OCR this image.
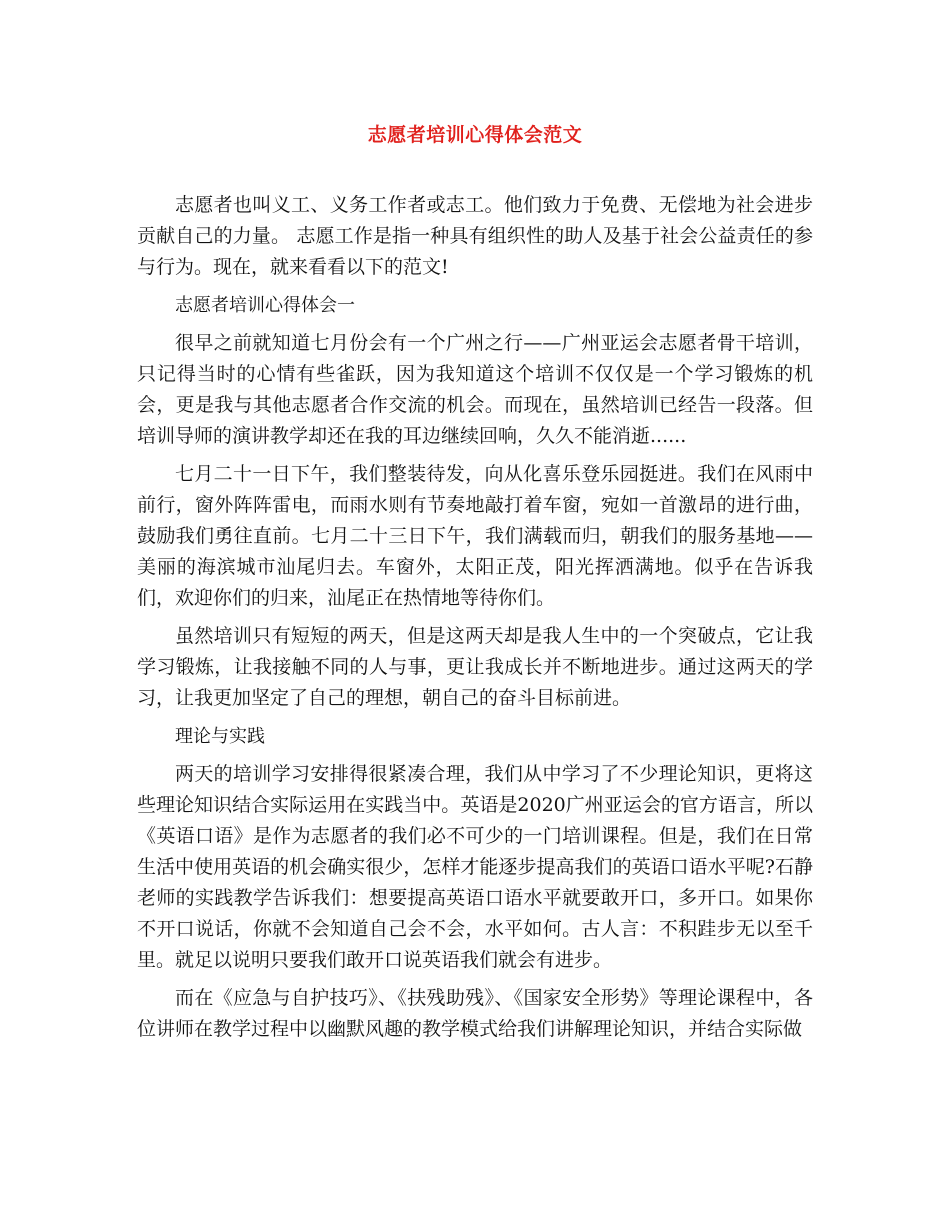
志愿者培训心得体会范文

志愿者也叫义工、义务工作者或志工。他们致力于免费、无偿地为社会进步贡献自己的力量。 志愿工作是指一种具有组织性的助人及基于社会公益责任的参与行为。现在，就来看看以下的范文!

志愿者培训心得体会一

很早之前就知道七月份会有一个广州之行——广州亚运会志愿者骨干培训，只记得当时的心情有些雀跃，因为我知道这个培训不仅仅是一个学习锻炼的机会，更是我与其他志愿者合作交流的机会。而现在，虽然培训已经告一段落。但培训导师的演讲教学却还在我的耳边继续回响，久久不能消逝......

七月二十一日下午，我们整装待发，向从化喜乐登乐园挺进。我们在风雨中前行，窗外阵阵雷电，而雨水则有节奏地敲打着车窗，宛如一首激昂的进行曲，鼓励我们勇往直前。七月二十三日下午，我们满载而归，朝我们的服务基地——美丽的海滨城市汕尾归去。车窗外，太阳正茂，阳光挥洒满地。似乎在告诉我们，欢迎你们的归来，汕尾正在热情地等待你们。

虽然培训只有短短的两天，但是这两天却是我人生中的一个突破点，它让我学习锻炼，让我接触不同的人与事，更让我成长并不断地进步。通过这两天的学习，让我更加坚定了自己的理想，朝自己的奋斗目标前进。

理论与实践

两天的培训学习安排得很紧凑合理，我们从中学习了不少理论知识，更将这些理论知识结合实际运用在实践当中。英语是2020广州亚运会的官方语言，所以《英语口语》是作为志愿者的我们必不可少的一门培训课程。但是，我们在日常生活中使用英语的机会确实很少，怎样才能逐步提高我们的英语口语水平呢?石静老师的实践教学告诉我们：想要提高英语口语水平就要敢开口，多开口。如果你不开口说话，你就不会知道自己会不会，水平如何。古人言：不积跬步无以至千里。就足以说明只要我们敢开口说英语我们就会有进步。

而在《应急与自护技巧》、《扶残助残》、《国家安全形势》等理论课程中，各位讲师在教学过程中以幽默风趣的教学模式给我们讲解理论知识，并结合实际做
